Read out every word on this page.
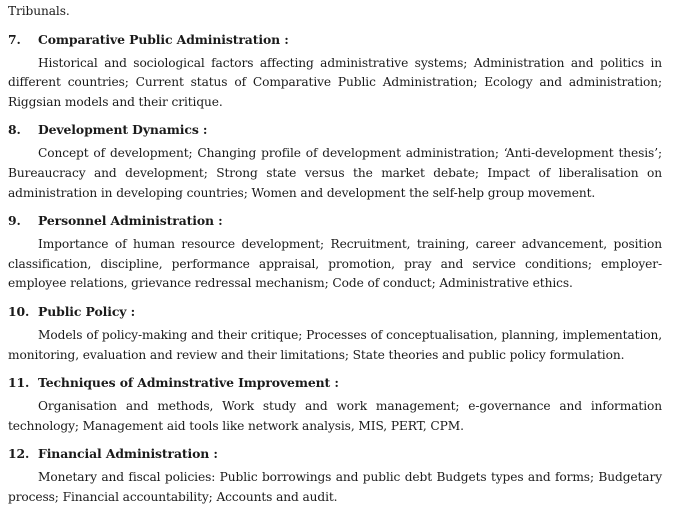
Tribunals.

7.	Comparative Public Administration :

Historical and sociological factors affecting administrative systems; Administration and politics in different countries; Current status of Comparative Public Administration; Ecology and administration; Riggsian models and their critique.

8.	Development Dynamics :

Concept of development; Changing profile of development administration; ‘Anti-development thesis’; Bureaucracy and development; Strong state versus the market debate; Impact of liberalisation on administration in developing countries; Women and development the self-help group movement.

9.	Personnel Administration :

Importance of human resource development; Recruitment, training, career advancement, position classification, discipline, performance appraisal, promotion, pray and service conditions; employer-employee relations, grievance redressal mechanism; Code of conduct; Administrative ethics.

10. Public Policy :

Models of policy-making and their critique; Processes of conceptualisation, planning, implementation, monitoring, evaluation and review and their limitations; State theories and public policy formulation.

11. Techniques of Adminstrative Improvement :

Organisation and methods, Work study and work management; e-governance and information technology; Management aid tools like network analysis, MIS, PERT, CPM.

12. Financial Administration :

Monetary and fiscal policies: Public borrowings and public debt Budgets types and forms; Budgetary process; Financial accountability; Accounts and audit.
